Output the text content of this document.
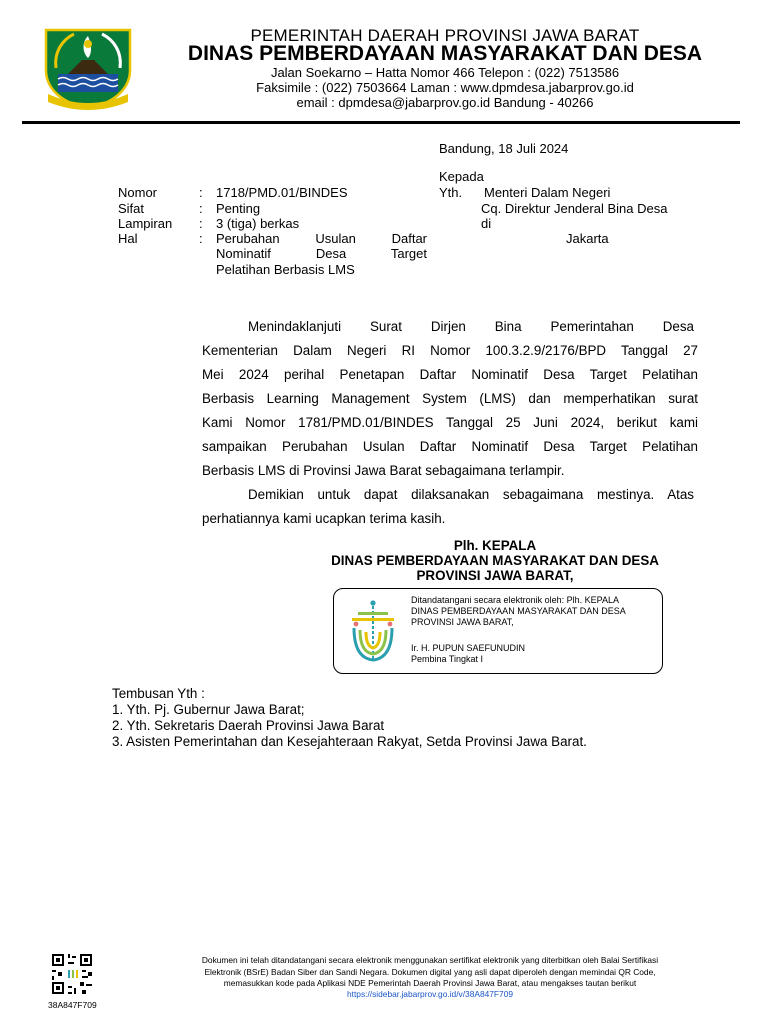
PEMERINTAH DAERAH PROVINSI JAWA BARAT
DINAS PEMBERDAYAAN MASYARAKAT DAN DESA
Jalan Soekarno – Hatta Nomor 466 Telepon : (022) 7513586
Faksimile : (022) 7503664 Laman : www.dpmdesa.jabarprov.go.id
email : dpmdesa@jabarprov.go.id Bandung - 40266
Bandung, 18 Juli 2024
Kepada
Yth. Menteri Dalam Negeri
Cq. Direktur Jenderal Bina Desa
di
Jakarta
Nomor	: 1718/PMD.01/BINDES
Sifat	: Penting
Lampiran : 3 (tiga) berkas
Hal	: Perubahan Usulan Daftar
Nominatif Desa Target
Pelatihan Berbasis LMS
Menindaklanjuti Surat Dirjen Bina Pemerintahan Desa
Kementerian Dalam Negeri RI Nomor 100.3.2.9/2176/BPD Tanggal 27
Mei 2024 perihal Penetapan Daftar Nominatif Desa Target Pelatihan
Berbasis Learning Management System (LMS) dan memperhatikan surat
Kami Nomor 1781/PMD.01/BINDES Tanggal 25 Juni 2024, berikut kami
sampaikan Perubahan Usulan Daftar Nominatif Desa Target Pelatihan
Berbasis LMS di Provinsi Jawa Barat sebagaimana terlampir.
Demikian untuk dapat dilaksanakan sebagaimana mestinya. Atas
perhatiannya kami ucapkan terima kasih.
Plh. KEPALA
DINAS PEMBERDAYAAN MASYARAKAT DAN DESA
PROVINSI JAWA BARAT,
Ditandatangani secara elektronik oleh: Plh. KEPALA
DINAS PEMBERDAYAAN MASYARAKAT DAN DESA
PROVINSI JAWA BARAT,
Ir. H. PUPUN SAEFUNUDIN
Pembina Tingkat I
Tembusan Yth :
1. Yth. Pj. Gubernur Jawa Barat;
2. Yth. Sekretaris Daerah Provinsi Jawa Barat
3. Asisten Pemerintahan dan Kesejahteraan Rakyat, Setda Provinsi Jawa Barat.
38A847F709
Dokumen ini telah ditandatangani secara elektronik menggunakan sertifikat elektronik yang diterbitkan oleh Balai Sertifikasi
Elektronik (BSrE) Badan Siber dan Sandi Negara. Dokumen digital yang asli dapat diperoleh dengan memindai QR Code,
memasukkan kode pada Aplikasi NDE Pemerintah Daerah Provinsi Jawa Barat, atau mengakses tautan berikut
https://sidebar.jabarprov.go.id/v/38A847F709
